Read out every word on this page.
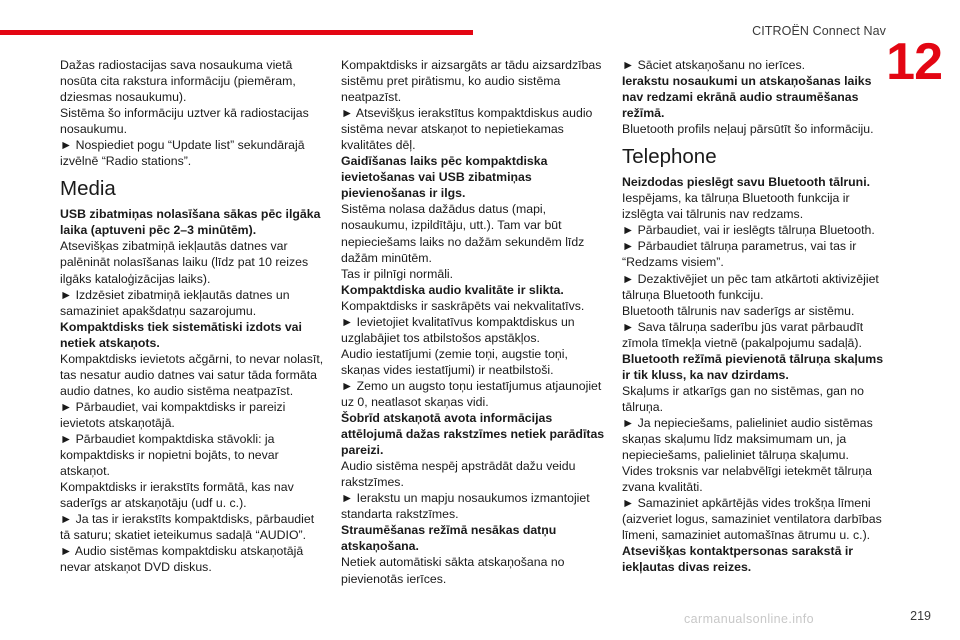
CITROËN Connect Nav
12

Dažas radiostacijas sava nosaukuma vietā

nosūta cita rakstura informāciju (piemēram,

dziesmas nosaukumu).

Sistēma šo informāciju uztver kā radiostacijas

nosaukumu.

► Nospiediet pogu “Update list” sekundārajā

izvēlnē “Radio stations”.

Media

USB zibatmiņas nolasīšana sākas pēc ilgāka

laika (aptuveni pēc 2–3 minūtēm).

Atsevišķas zibatmiņā iekļautās datnes var

palēnināt nolasīšanas laiku (līdz pat 10 reizes

ilgāks kataloģizācijas laiks).

► Izdzēsiet zibatmiņā iekļautās datnes un

samaziniet apakšdatņu sazarojumu.

Kompaktdisks tiek sistemātiski izdots vai

netiek atskaņots.

Kompaktdisks ievietots ačgārni, to nevar nolasīt,

tas nesatur audio datnes vai satur tāda formāta

audio datnes, ko audio sistēma neatpazīst.

► Pārbaudiet, vai kompaktdisks ir pareizi

ievietots atskaņotājā.

► Pārbaudiet kompaktdiska stāvokli: ja

kompaktdisks ir nopietni bojāts, to nevar

atskaņot.

Kompaktdisks ir ierakstīts formātā, kas nav

saderīgs ar atskaņotāju (udf u. c.).

► Ja tas ir ierakstīts kompaktdisks, pārbaudiet

tā saturu; skatiet ieteikumus sadaļā “AUDIO”.

► Audio sistēmas kompaktdisku atskaņotājā

nevar atskaņot DVD diskus.

Kompaktdisks ir aizsargāts ar tādu aizsardzības

sistēmu pret pirātismu, ko audio sistēma

neatpazīst.

► Atsevišķus ierakstītus kompaktdiskus audio

sistēma nevar atskaņot to nepietiekamas

kvalitātes dēļ.

Gaidīšanas laiks pēc kompaktdiska

ievietošanas vai USB zibatmiņas

pievienošanas ir ilgs.

Sistēma nolasa dažādus datus (mapi,

nosaukumu, izpildītāju, utt.). Tam var būt

nepieciešams laiks no dažām sekundēm līdz

dažām minūtēm.

Tas ir pilnīgi normāli.

Kompaktdiska audio kvalitāte ir slikta.

Kompaktdisks ir saskrāpēts vai nekvalitatīvs.

► Ievietojiet kvalitatīvus kompaktdiskus un

uzglabājiet tos atbilstošos apstākļos.

Audio iestatījumi (zemie toņi, augstie toņi,

skaņas vides iestatījumi) ir neatbilstoši.

► Zemo un augsto toņu iestatījumus atjaunojiet

uz 0, neatlasot skaņas vidi.

Šobrīd atskaņotā avota informācijas

attēlojumā dažas rakstzīmes netiek parādītas

pareizi.

Audio sistēma nespēj apstrādāt dažu veidu

rakstzīmes.

► Ierakstu un mapju nosaukumos izmantojiet

standarta rakstzīmes.

Straumēšanas režīmā nesākas datņu

atskaņošana.

Netiek automātiski sākta atskaņošana no

pievienotās ierīces.

► Sāciet atskaņošanu no ierīces.

Ierakstu nosaukumi un atskaņošanas laiks

nav redzami ekrānā audio straumēšanas

režīmā.

Bluetooth profils neļauj pārsūtīt šo informāciju.

Telephone

Neizdodas pieslēgt savu Bluetooth tālruni.

Iespējams, ka tālruņa Bluetooth funkcija ir

izslēgta vai tālrunis nav redzams.

► Pārbaudiet, vai ir ieslēgts tālruņa Bluetooth.

► Pārbaudiet tālruņa parametrus, vai tas ir

“Redzams visiem”.

► Dezaktivējiet un pēc tam atkārtoti aktivizējiet

tālruņa Bluetooth funkciju.

Bluetooth tālrunis nav saderīgs ar sistēmu.

► Sava tālruņa saderību jūs varat pārbaudīt

zīmola tīmekļa vietnē (pakalpojumu sadaļā).

Bluetooth režīmā pievienotā tālruņa skaļums

ir tik kluss, ka nav dzirdams.

Skaļums ir atkarīgs gan no sistēmas, gan no

tālruņa.

► Ja nepieciešams, palieliniet audio sistēmas

skaņas skaļumu līdz maksimumam un, ja

nepieciešams, palieliniet tālruņa skaļumu.

Vides troksnis var nelabvēlīgi ietekmēt tālruņa

zvana kvalitāti.

► Samaziniet apkārtējās vides trokšņa līmeni

(aizveriet logus, samaziniet ventilatora darbības

līmeni, samaziniet automašīnas ātrumu u. c.).

Atsevišķas kontaktpersonas sarakstā ir

iekļautas divas reizes.

carmanualsonline.info	219
